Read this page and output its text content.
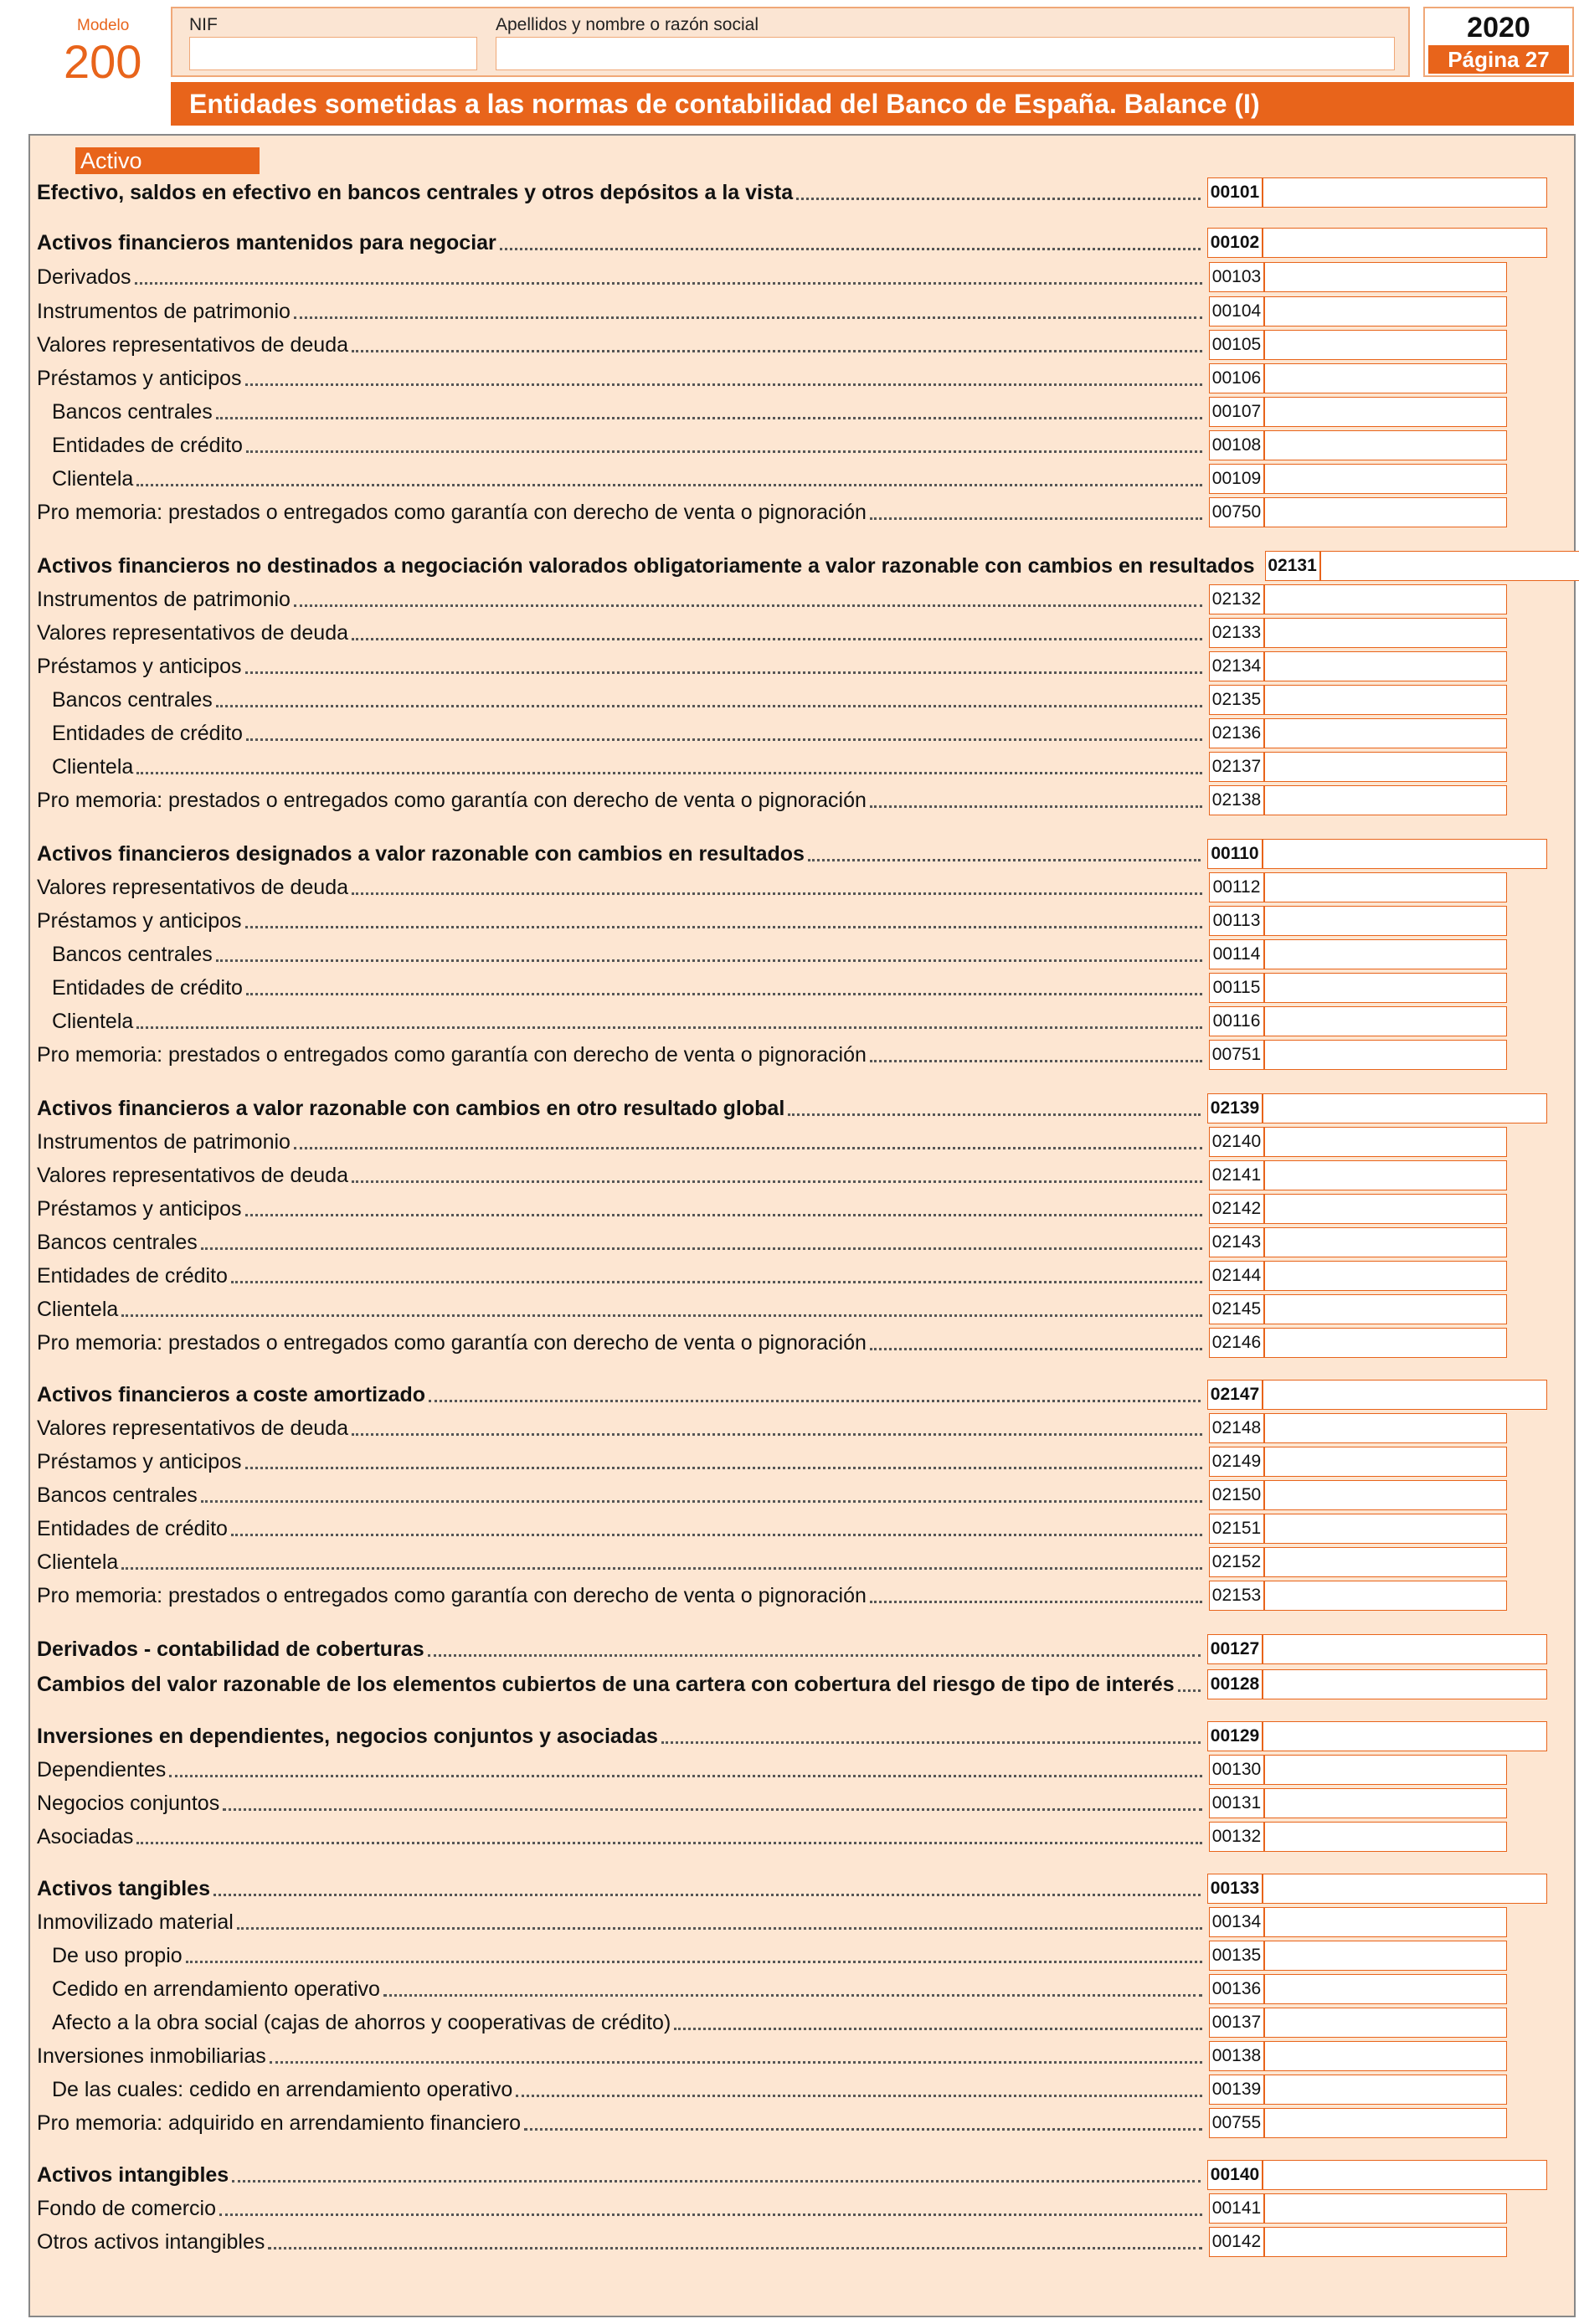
Modelo
200
NIF	Apellidos y nombre o razón social	2020
Página 27
Entidades sometidas a las normas de contabilidad del Banco de España. Balance (I)
Activo
Efectivo, saldos en efectivo en bancos centrales y otros depósitos a la vista	00101
Activos financieros mantenidos para negociar	00102
Derivados	00103
Instrumentos de patrimonio	00104
Valores representativos de deuda	00105
Préstamos y anticipos	00106
Bancos centrales	00107
Entidades de crédito	00108
Clientela	00109
Pro memoria: prestados o entregados como garantía con derecho de venta o pignoración	00750
Activos financieros no destinados a negociación valorados obligatoriamente a valor razonable con cambios en resultados 02131
Instrumentos de patrimonio	02132
Valores representativos de deuda	02133
Préstamos y anticipos	02134
Bancos centrales	02135
Entidades de crédito	02136
Clientela	02137
Pro memoria: prestados o entregados como garantía con derecho de venta o pignoración	02138
Activos financieros designados a valor razonable con cambios en resultados	00110
Valores representativos de deuda	00112
Préstamos y anticipos	00113
Bancos centrales	00114
Entidades de crédito	00115
Clientela	00116
Pro memoria: prestados o entregados como garantía con derecho de venta o pignoración	00751
Activos financieros a valor razonable con cambios en otro resultado global	02139
Instrumentos de patrimonio	02140
Valores representativos de deuda	02141
Préstamos y anticipos	02142
Bancos centrales	02143
Entidades de crédito	02144
Clientela	02145
Pro memoria: prestados o entregados como garantía con derecho de venta o pignoración	02146
Activos financieros a coste amortizado	02147
Valores representativos de deuda	02148
Préstamos y anticipos	02149
Bancos centrales	02150
Entidades de crédito	02151
Clientela	02152
Pro memoria: prestados o entregados como garantía con derecho de venta o pignoración	02153
Derivados - contabilidad de coberturas	00127
Cambios del valor razonable de los elementos cubiertos de una cartera con cobertura del riesgo de tipo de interés 00128
Inversiones en dependientes, negocios conjuntos y asociadas	00129
Dependientes	00130
Negocios conjuntos	00131
Asociadas	00132
Activos tangibles	00133
Inmovilizado material	00134
De uso propio	00135
Cedido en arrendamiento operativo	00136
Afecto a la obra social (cajas de ahorros y cooperativas de crédito)	00137
Inversiones inmobiliarias	00138
De las cuales: cedido en arrendamiento operativo	00139
Pro memoria: adquirido en arrendamiento financiero	00755
Activos intangibles	00140
Fondo de comercio	00141
Otros activos intangibles	00142
